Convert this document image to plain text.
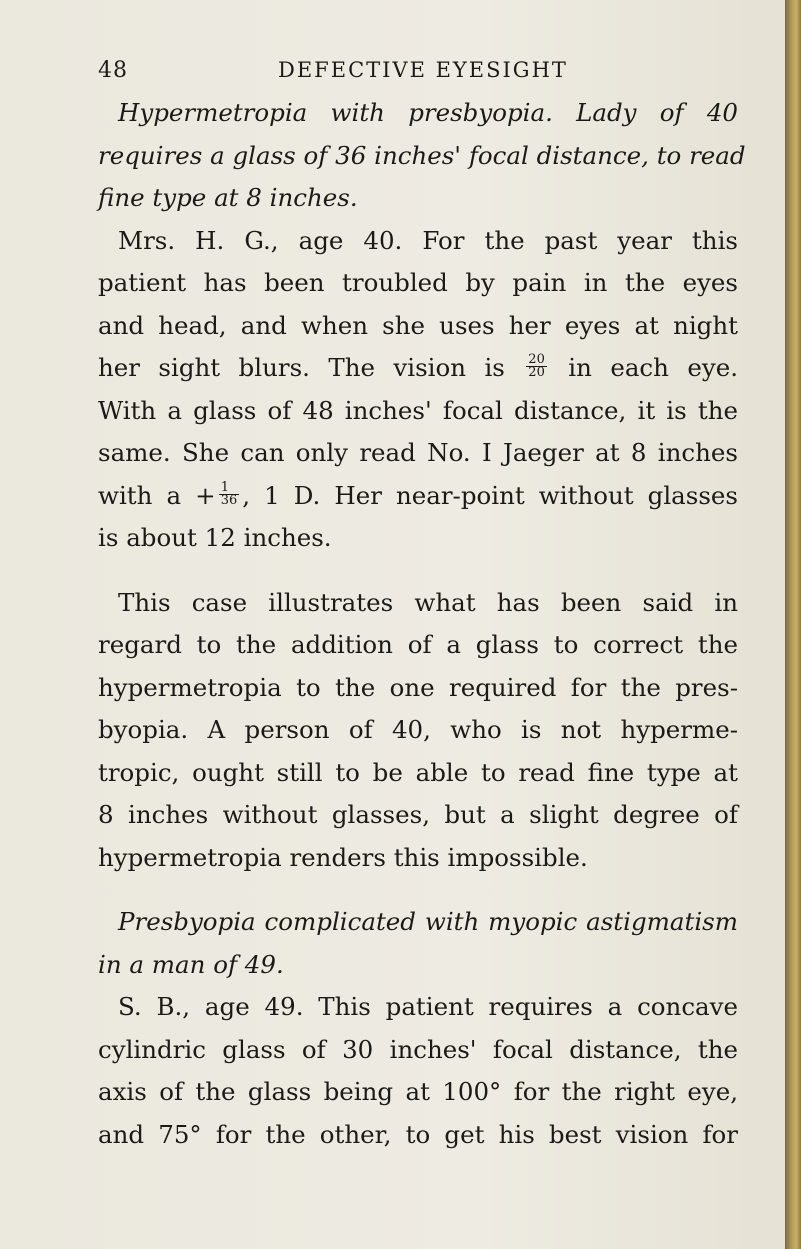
48	DEFECTIVE EYESIGHT
Hypermetropia with presbyopia. Lady of 40
requires a glass of 36 inches' focal distance, to read
fine type at 8 inches.
Mrs. H. G., age 40. For the past year this
patient has been troubled by pain in the eyes
and head, and when she uses her eyes at night
her sight blurs. The vision is $\frac{20}{20}$ in each eye.
With a glass of 48 inches' focal distance, it is the
same. She can only read No. I Jaeger at 8 inches
with $a + \frac{1}{36}$ , 1 D. Her near-point without glasses
is about 12 inches.
This case illustrates what has been said in
regard to the addition of a glass to correct the
hypermetropia to the one required for the pres-
byopia. A person of 40, who is not hyperme-
tropic, ought still to be able to read fine type at
8 inches without glasses, but a slight degree of
hypermetropia renders this impossible.
Presbyopia complicated with myopic astigmatism
in a man of 49.
S. B., age 49. This patient requires a concave
cylindric glass of 30 inches' focal distance, the
axis of the glass being at 100° for the right eye,
and 75° for the other, to get his best vision for
